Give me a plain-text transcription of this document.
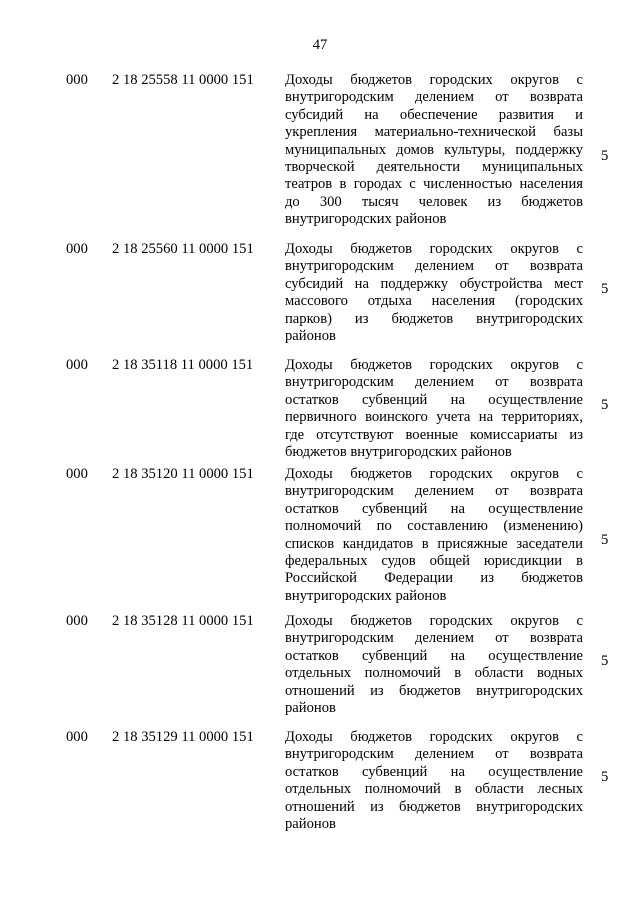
47
000 2 18 25558 11 0000 151 Доходы бюджетов городских округов с
внутригородским делением от возврата
субсидий на обеспечение развития и
укрепления материально-технической базы
муниципальных домов культуры, поддержку
творческой деятельности муниципальных
театров в городах с численностью населения
до 300 тысяч человек из бюджетов
внутригородских районов
5
000 2 18 25560 11 0000 151 Доходы бюджетов городских округов с
внутригородским делением от возврата
субсидий на поддержку обустройства мест
массового отдыха населения (городских
парков) из бюджетов внутригородских
районов
5
000 2 18 35118 11 0000 151 Доходы бюджетов городских округов с
внутригородским делением от возврата
остатков субвенций на осуществление
первичного воинского учета на территориях,
где отсутствуют военные комиссариаты из
бюджетов внутригородских районов
5
000 2 18 35120 11 0000 151 Доходы бюджетов городских округов с
внутригородским делением от возврата
остатков субвенций на осуществление
полномочий по составлению (изменению)
списков кандидатов в присяжные заседатели
федеральных судов общей юрисдикции в
Российской Федерации из бюджетов
внутригородских районов
5
000 2 18 35128 11 0000 151 Доходы бюджетов городских округов с
внутригородским делением от возврата
остатков субвенций на осуществление
отдельных полномочий в области водных
отношений из бюджетов внутригородских
районов
5
000 2 18 35129 11 0000 151 Доходы бюджетов городских округов с
внутригородским делением от возврата
остатков субвенций на осуществление
отдельных полномочий в области лесных
отношений из бюджетов внутригородских
районов
5
